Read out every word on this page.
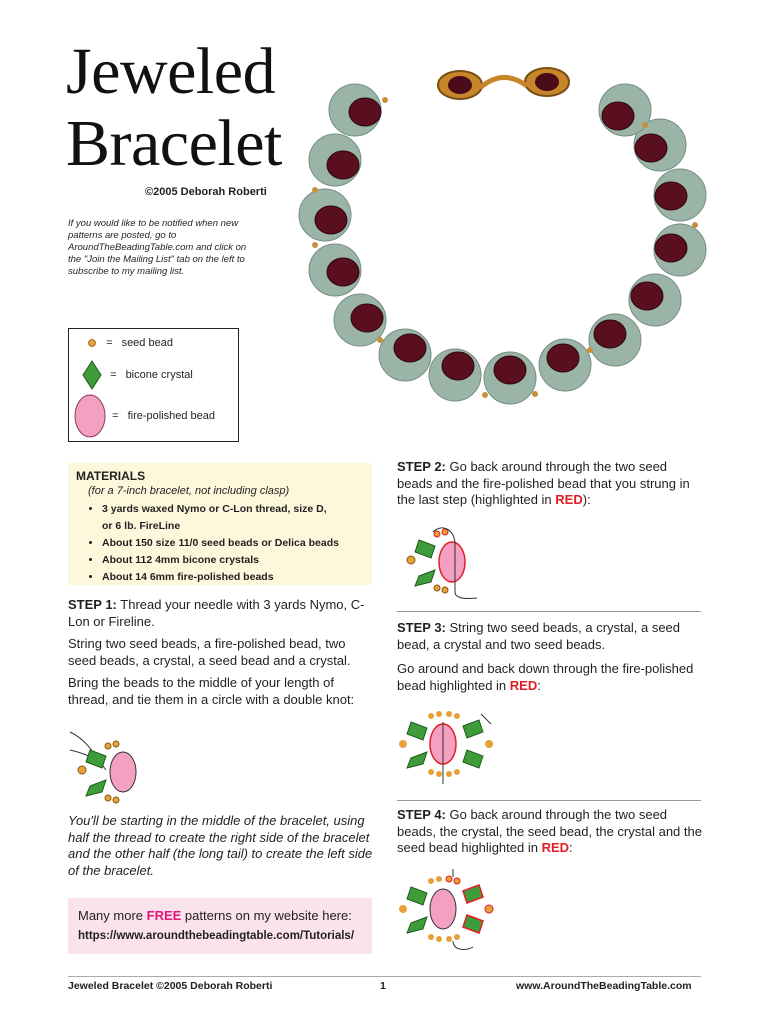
Jeweled
Bracelet
©2005 Deborah Roberti
If you would like to be notified when new patterns are posted, go to AroundTheBeadingTable.com and click on the "Join the Mailing List" tab on the left to subscribe to my mailing list.
= seed bead
= bicone crystal
= fire-polished bead
MATERIALS
(for a 7-inch bracelet, not including clasp)
• 3 yards waxed Nymo or C-Lon thread, size D,
or 6 lb. FireLine
• About 150 size 11/0 seed beads or Delica beads
• About 112 4mm bicone crystals
• About 14 6mm fire-polished beads
STEP 1: Thread your needle with 3 yards Nymo, C-Lon or Fireline.
String two seed beads, a fire-polished bead, two seed beads, a crystal, a seed bead and a crystal.
Bring the beads to the middle of your length of thread, and tie them in a circle with a double knot:
You'll be starting in the middle of the bracelet, using half the thread to create the right side of the bracelet and the other half (the long tail) to create the left side of the bracelet.
Many more FREE patterns on my website here:
https://www.aroundthebeadingtable.com/Tutorials/
STEP 2: Go back around through the two seed beads and the fire-polished bead that you strung in the last step (highlighted in RED):
STEP 3: String two seed beads, a crystal, a seed bead, a crystal and two seed beads.
Go around and back down through the fire-polished bead highlighted in RED:
STEP 4: Go back around through the two seed beads, the crystal, the seed bead, the crystal and the seed bead highlighted in RED:
Jeweled Bracelet ©2005 Deborah Roberti	1	www.AroundTheBeadingTable.com
